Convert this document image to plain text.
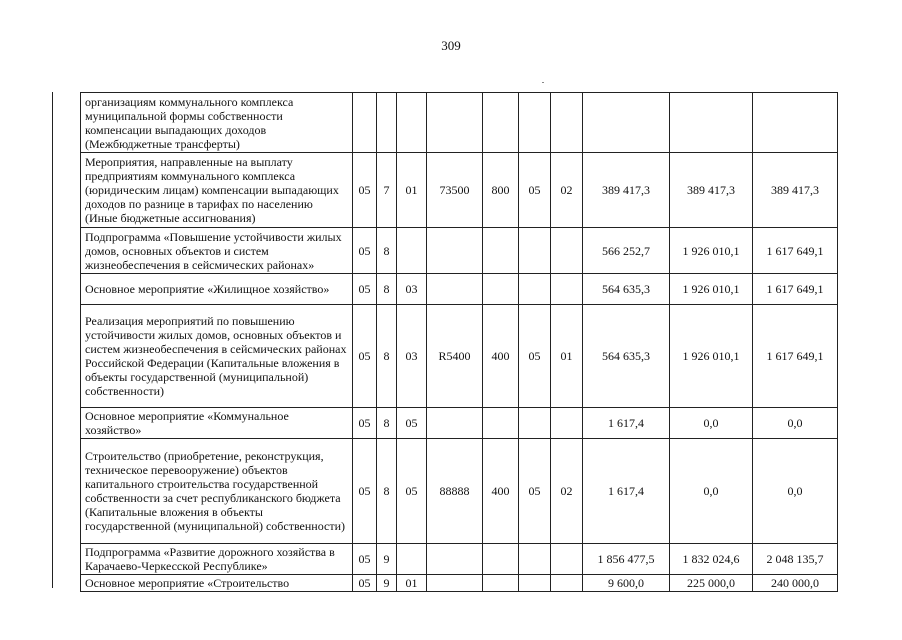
309
организациям коммунального комплекса муниципальной формы собственности компенсации выпадающих доходов (Межбюджетные трансферты)										
Мероприятия, направленные на выплату предприятиям коммунального комплекса (юридическим лицам) компенсации выпадающих доходов по разнице в тарифах по населению (Иные бюджетные ассигнования)	05	7	01	73500	800	05	02	389 417,3	389 417,3	389 417,3
Подпрограмма «Повышение устойчивости жилых домов, основных объектов и систем жизнеобеспечения в сейсмических районах»	05	8						566 252,7	1 926 010,1	1 617 649,1
Основное мероприятие «Жилищное хозяйство»	05	8	03					564 635,3	1 926 010,1	1 617 649,1
Реализация мероприятий по повышению устойчивости жилых домов, основных объектов и систем жизнеобеспечения в сейсмических районах Российской Федерации (Капитальные вложения в объекты государственной (муниципальной) собственности)	05	8	03	R5400	400	05	01	564 635,3	1 926 010,1	1 617 649,1
Основное мероприятие «Коммунальное хозяйство»	05	8	05					1 617,4	0,0	0,0
Строительство (приобретение, реконструкция, техническое перевооружение) объектов капитального строительства государственной собственности за счет республиканского бюджета (Капитальные вложения в объекты государственной (муниципальной) собственности)	05	8	05	88888	400	05	02	1 617,4	0,0	0,0
Подпрограмма «Развитие дорожного хозяйства в Карачаево-Черкесской Республике»	05	9						1 856 477,5	1 832 024,6	2 048 135,7
Основное мероприятие «Строительство	05	9	01					9 600,0	225 000,0	240 000,0
